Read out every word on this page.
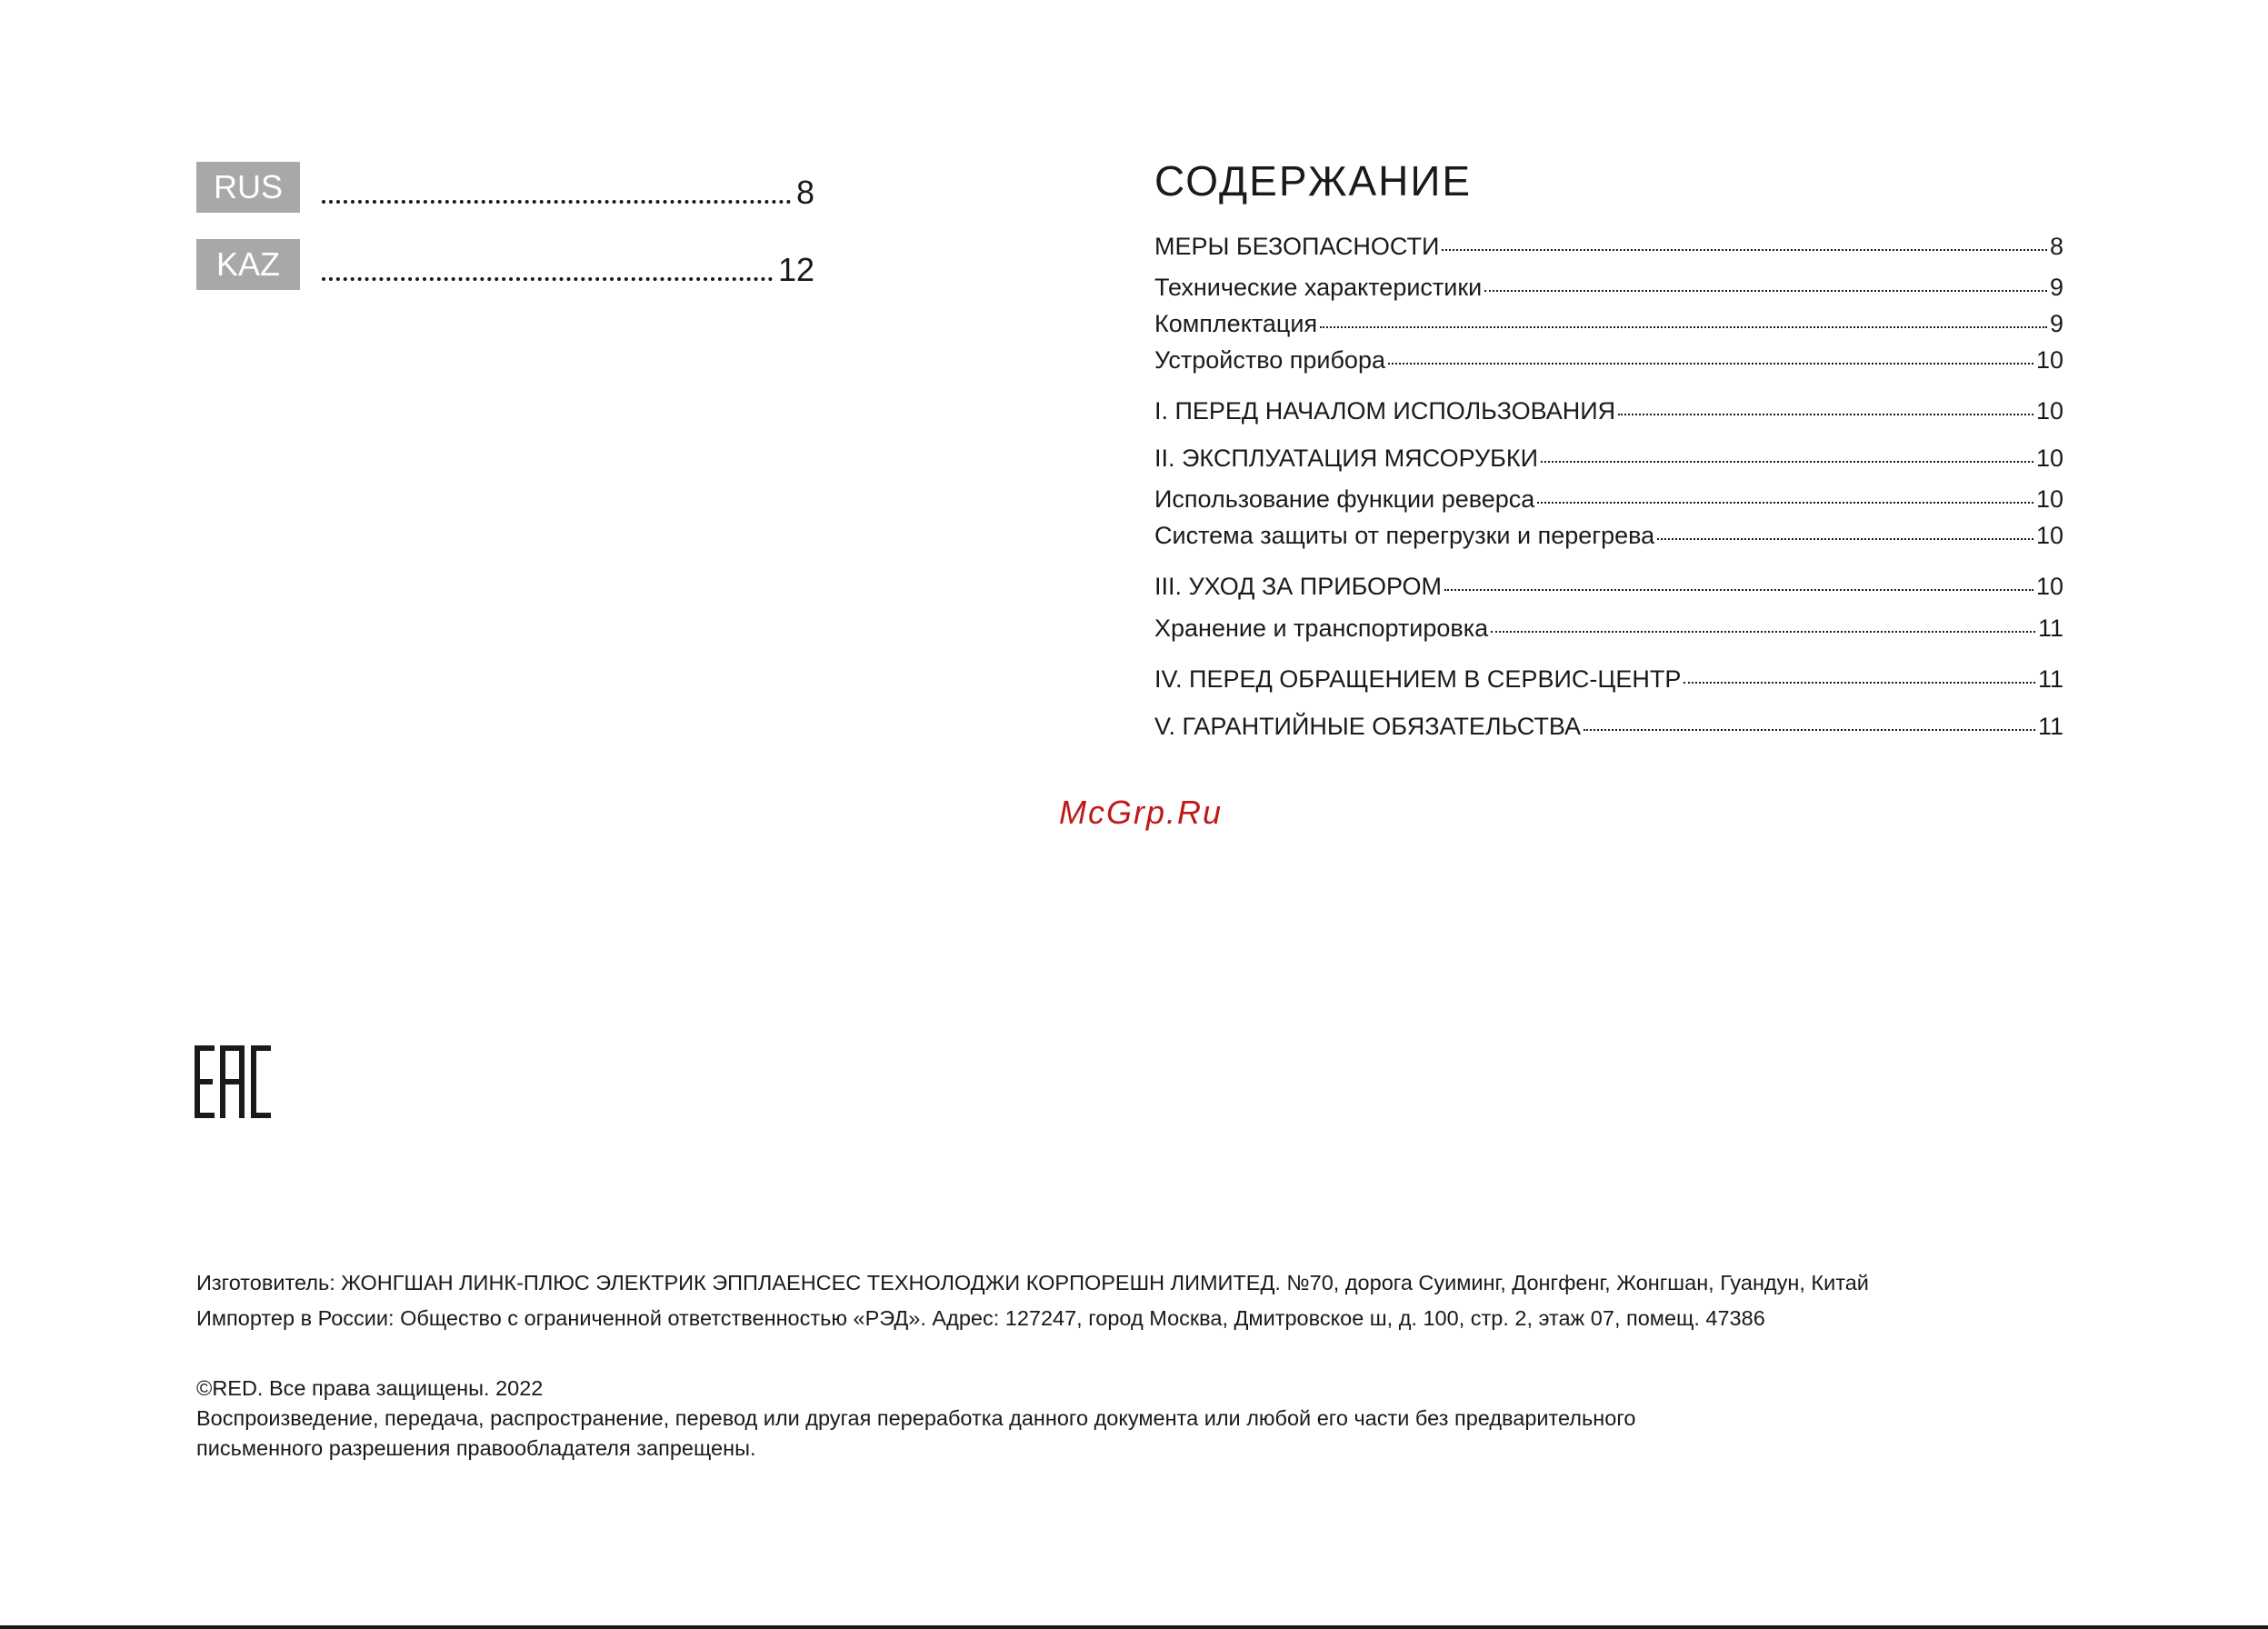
RUS	8
KAZ	12
СОДЕРЖАНИЕ
МЕРЫ БЕЗОПАСНОСТИ	8
Технические характеристики	9
Комплектация	9
Устройство прибора	10
I. ПЕРЕД НАЧАЛОМ ИСПОЛЬЗОВАНИЯ	10
II. ЭКСПЛУАТАЦИЯ МЯСОРУБКИ	10
Использование функции реверса	10
Система защиты от перегрузки и перегрева	10
III. УХОД ЗА ПРИБОРОМ	10
Хранение и транспортировка	11
IV. ПЕРЕД ОБРАЩЕНИЕМ В СЕРВИС-ЦЕНТР	11
V. ГАРАНТИЙНЫЕ ОБЯЗАТЕЛЬСТВА	11
McGrp.Ru

Изготовитель: ЖОНГШАН ЛИНК-ПЛЮС ЭЛЕКТРИК ЭППЛАЕНСЕС ТЕХНОЛОДЖИ КОРПОРЕШН ЛИМИТЕД. №70, дорога Суиминг, Донгфенг, Жонгшан, Гуандун, Китай

Импортер в России: Общество с ограниченной ответственностью «РЭД». Адрес: 127247, город Москва, Дмитровское ш, д. 100, стр. 2, этаж 07, помещ. 47386

©RED. Все права защищены. 2022

Воспроизведение, передача, распространение, перевод или другая переработка данного документа или любой его части без предварительного

письменного разрешения правообладателя запрещены.
